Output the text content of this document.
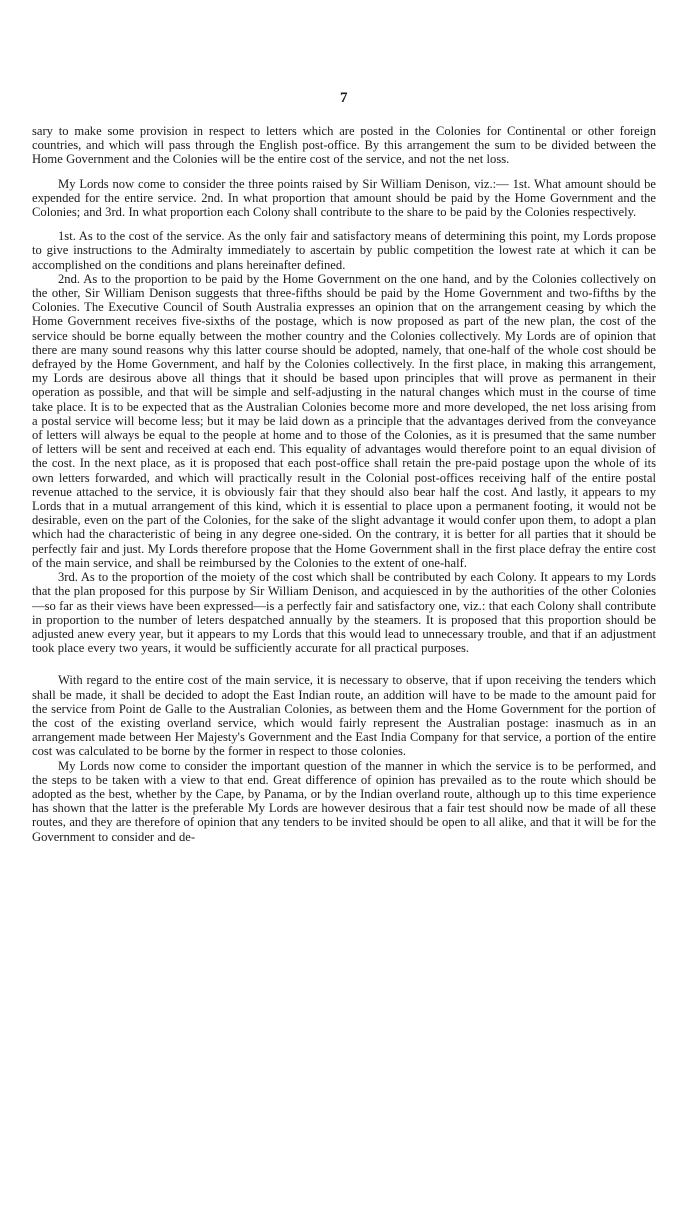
7

sary to make some provision in respect to letters which are posted in the Colonies for Continental or other foreign countries, and which will pass through the English post-office. By this arrangement the sum to be divided between the Home Government and the Colonies will be the entire cost of the service, and not the net loss.

My Lords now come to consider the three points raised by Sir William Denison, viz.:— 1st. What amount should be expended for the entire service. 2nd. In what proportion that amount should be paid by the Home Government and the Colonies; and 3rd. In what proportion each Colony shall contribute to the share to be paid by the Colonies respectively.

1st. As to the cost of the service. As the only fair and satisfactory means of determining this point, my Lords propose to give instructions to the Admiralty immediately to ascertain by public competition the lowest rate at which it can be accomplished on the conditions and plans hereinafter defined.

2nd. As to the proportion to be paid by the Home Government on the one hand, and by the Colonies collectively on the other, Sir William Denison suggests that three-fifths should be paid by the Home Government and two-fifths by the Colonies. The Executive Council of South Australia expresses an opinion that on the arrangement ceasing by which the Home Government receives five-sixths of the postage, which is now proposed as part of the new plan, the cost of the service should be borne equally between the mother country and the Colonies collectively. My Lords are of opinion that there are many sound reasons why this latter course should be adopted, namely, that one-half of the whole cost should be defrayed by the Home Government, and half by the Colonies collectively. In the first place, in making this arrangement, my Lords are desirous above all things that it should be based upon principles that will prove as permanent in their operation as possible, and that will be simple and self-adjusting in the natural changes which must in the course of time take place. It is to be expected that as the Australian Colonies become more and more developed, the net loss arising from a postal service will become less; but it may be laid down as a principle that the advantages derived from the conveyance of letters will always be equal to the people at home and to those of the Colonies, as it is presumed that the same number of letters will be sent and received at each end. This equality of advantages would therefore point to an equal division of the cost. In the next place, as it is proposed that each post-office shall retain the pre-paid postage upon the whole of its own letters forwarded, and which will practically result in the Colonial post-offices receiving half of the entire postal revenue attached to the service, it is obviously fair that they should also bear half the cost. And lastly, it appears to my Lords that in a mutual arrangement of this kind, which it is essential to place upon a permanent footing, it would not be desirable, even on the part of the Colonies, for the sake of the slight advantage it would confer upon them, to adopt a plan which had the characteristic of being in any degree one-sided. On the contrary, it is better for all parties that it should be perfectly fair and just. My Lords therefore propose that the Home Government shall in the first place defray the entire cost of the main service, and shall be reimbursed by the Colonies to the extent of one-half.

3rd. As to the proportion of the moiety of the cost which shall be contributed by each Colony. It appears to my Lords that the plan proposed for this purpose by Sir William Denison, and acquiesced in by the authorities of the other Colonies—so far as their views have been expressed—is a perfectly fair and satisfactory one, viz.: that each Colony shall contribute in proportion to the number of leters despatched annually by the steamers. It is proposed that this proportion should be adjusted anew every year, but it appears to my Lords that this would lead to unnecessary trouble, and that if an adjustment took place every two years, it would be sufficiently accurate for all practical purposes.

With regard to the entire cost of the main service, it is necessary to observe, that if upon receiving the tenders which shall be made, it shall be decided to adopt the East Indian route, an addition will have to be made to the amount paid for the service from Point de Galle to the Australian Colonies, as between them and the Home Government for the portion of the cost of the existing overland service, which would fairly represent the Australian postage: inasmuch as in an arrangement made between Her Majesty's Government and the East India Company for that service, a portion of the entire cost was calculated to be borne by the former in respect to those colonies.

My Lords now come to consider the important question of the manner in which the service is to be performed, and the steps to be taken with a view to that end. Great difference of opinion has prevailed as to the route which should be adopted as the best, whether by the Cape, by Panama, or by the Indian overland route, although up to this time experience has shown that the latter is the preferable My Lords are however desirous that a fair test should now be made of all these routes, and they are therefore of opinion that any tenders to be invited should be open to all alike, and that it will be for the Government to consider and de-
